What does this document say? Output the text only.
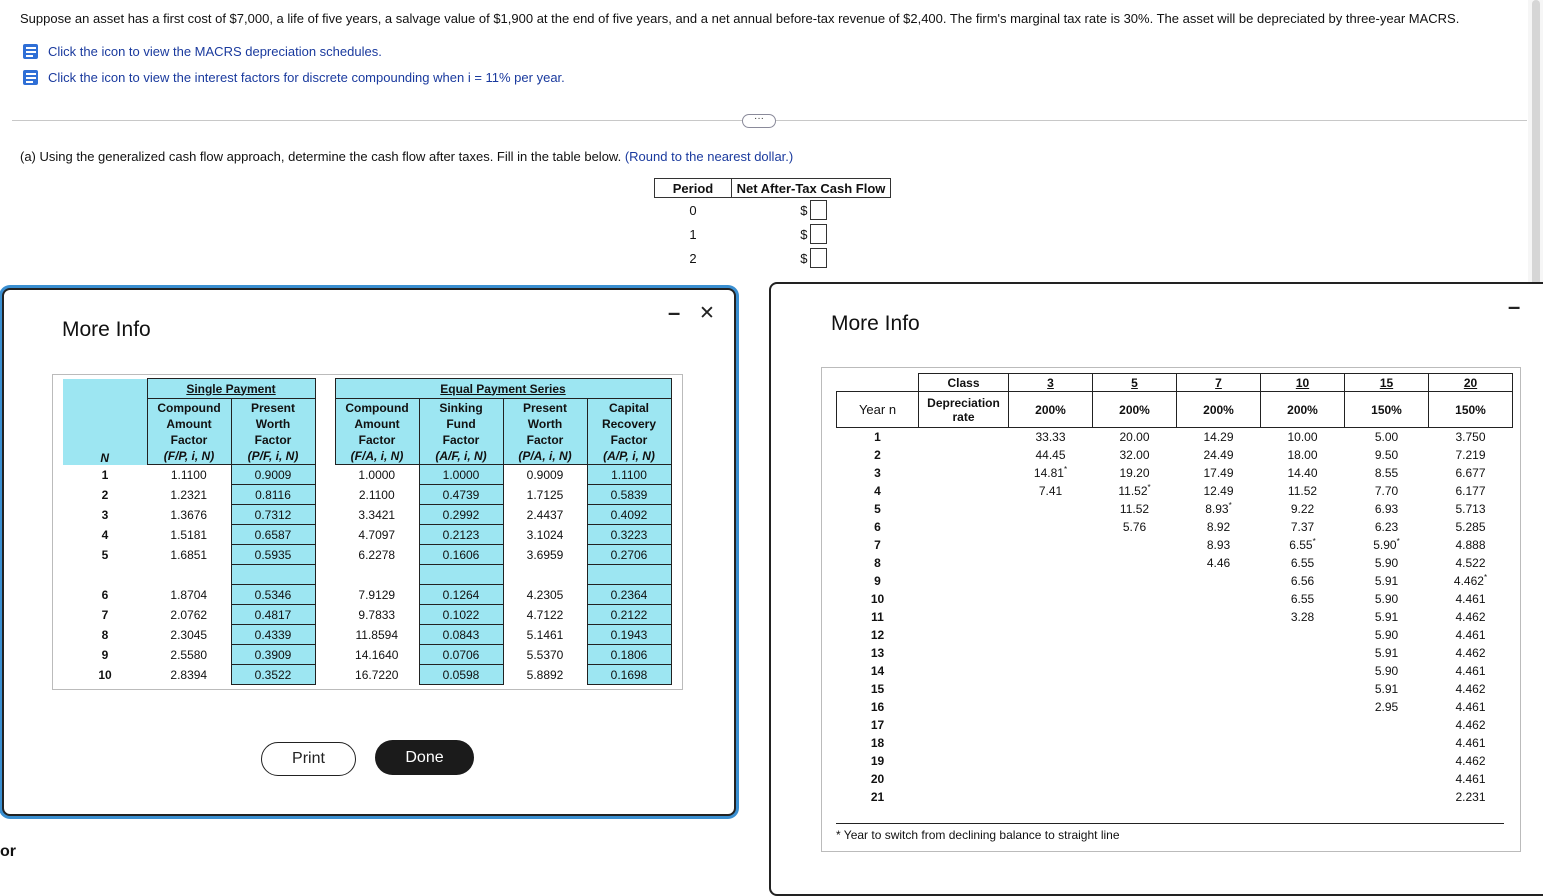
Suppose an asset has a first cost of $7,000, a life of five years, a salvage value of $1,900 at the end of five years, and a net annual before-tax revenue of $2,400. The firm's marginal tax rate is 30%. The asset will be depreciated by three-year MACRS.
Click the icon to view the MACRS depreciation schedules.
Click the icon to view the interest factors for discrete compounding when i = 11% per year.
···
(a) Using the generalized cash flow approach, determine the cash flow after taxes. Fill in the table below. (Round to the nearest dollar.)
Period	Net After-Tax Cash Flow
0	$

1	$

2	$
or
More Info
– ✕
	Single Payment			Equal Payment Series			
N	Compound
Amount
Factor
(F/P, i, N)	Present
Worth
Factor
(P/F, i, N)		Compound
Amount
Factor
(F/A, i, N)	Sinking
Fund
Factor
(A/F, i, N)	Present
Worth
Factor
(P/A, i, N)	Capital
Recovery
Factor
(A/P, i, N)
1	1.1100	0.9009		1.0000	1.0000	0.9009	1.1100
2	1.2321	0.8116		2.1100	0.4739	1.7125	0.5839
3	1.3676	0.7312		3.3421	0.2992	2.4437	0.4092
4	1.5181	0.6587		4.7097	0.2123	3.1024	0.3223
5	1.6851	0.5935		6.2278	0.1606	3.6959	0.2706

6	1.8704	0.5346		7.9129	0.1264	4.2305	0.2364
7	2.0762	0.4817		9.7833	0.1022	4.7122	0.2122
8	2.3045	0.4339		11.8594	0.0843	5.1461	0.1943
9	2.5580	0.3909		14.1640	0.0706	5.5370	0.1806
10	2.8394	0.3522		16.7220	0.0598	5.8892	0.1698
Print	Done
More Info
–
	Class	3	5	7	10	15	20
Year n	Depreciation rate	200%	200%	200%	200%	150%	150%
1		33.33	20.00	14.29	10.00	5.00	3.750
2		44.45	32.00	24.49	18.00	9.50	7.219
3		14.81*	19.20	17.49	14.40	8.55	6.677
4		7.41	11.52*	12.49	11.52	7.70	6.177
5			11.52	8.93*	9.22	6.93	5.713
6			5.76	8.92	7.37	6.23	5.285
7				8.93	6.55*	5.90*	4.888
8				4.46	6.55	5.90	4.522
9					6.56	5.91	4.462*
10					6.55	5.90	4.461
11					3.28	5.91	4.462
12						5.90	4.461
13						5.91	4.462
14						5.90	4.461
15						5.91	4.462
16						2.95	4.461
17							4.462
18							4.461
19							4.462
20							4.461
21							2.231
* Year to switch from declining balance to straight line
